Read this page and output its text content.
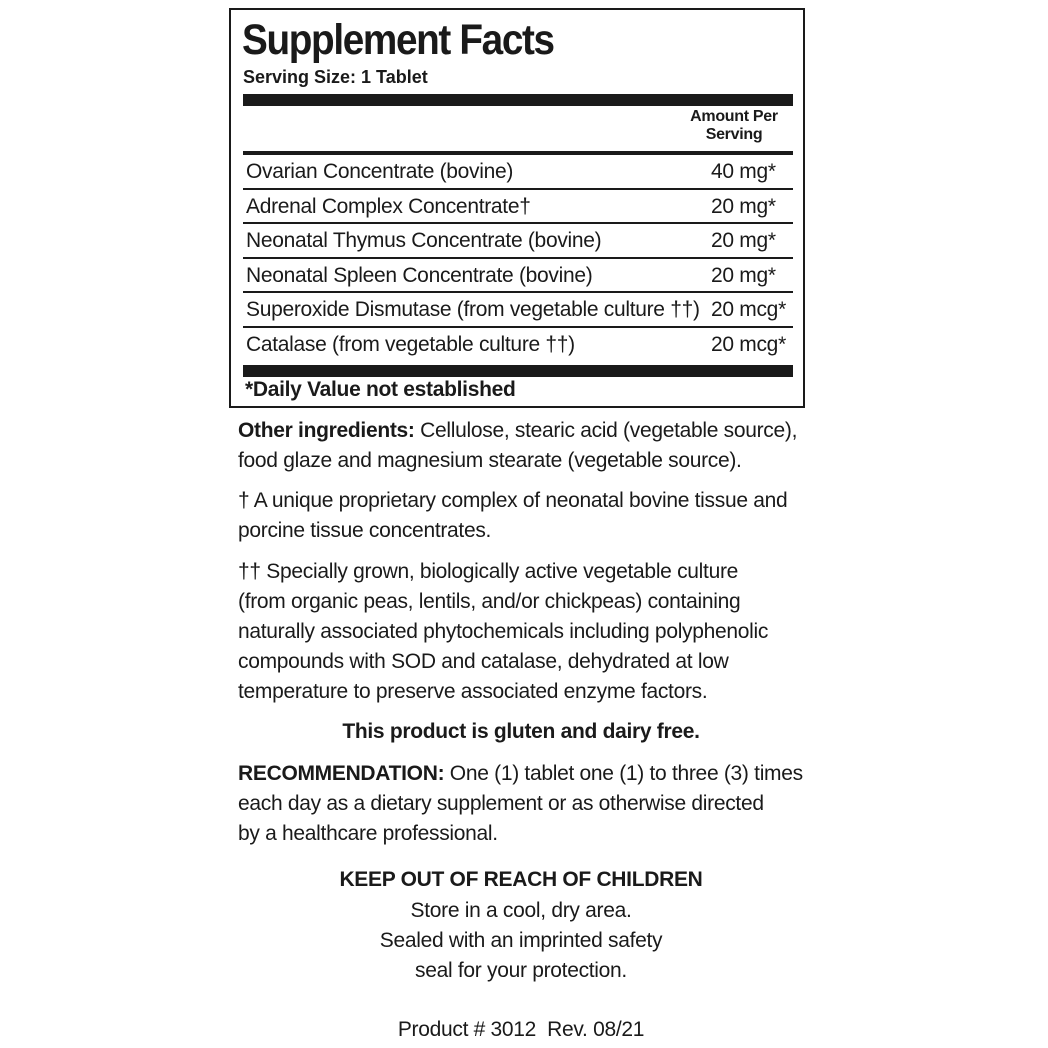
Supplement Facts
Serving Size: 1 Tablet
Amount Per
Serving
Ovarian Concentrate (bovine)	40 mg*
Adrenal Complex Concentrate†	20 mg*
Neonatal Thymus Concentrate (bovine)	20 mg*
Neonatal Spleen Concentrate (bovine)	20 mg*
Superoxide Dismutase (from vegetable culture ††) 20 mcg*
Catalase (from vegetable culture ††)	20 mcg*
*Daily Value not established
Other ingredients: Cellulose, stearic acid (vegetable source),
food glaze and magnesium stearate (vegetable source).
† A unique proprietary complex of neonatal bovine tissue and
porcine tissue concentrates.
†† Specially grown, biologically active vegetable culture
(from organic peas, lentils, and/or chickpeas) containing
naturally associated phytochemicals including polyphenolic
compounds with SOD and catalase, dehydrated at low
temperature to preserve associated enzyme factors.
This product is gluten and dairy free.
RECOMMENDATION: One (1) tablet one (1) to three (3) times
each day as a dietary supplement or as otherwise directed
by a healthcare professional.
KEEP OUT OF REACH OF CHILDREN
Store in a cool, dry area.
Sealed with an imprinted safety
seal for your protection.
Product # 3012  Rev. 08/21
